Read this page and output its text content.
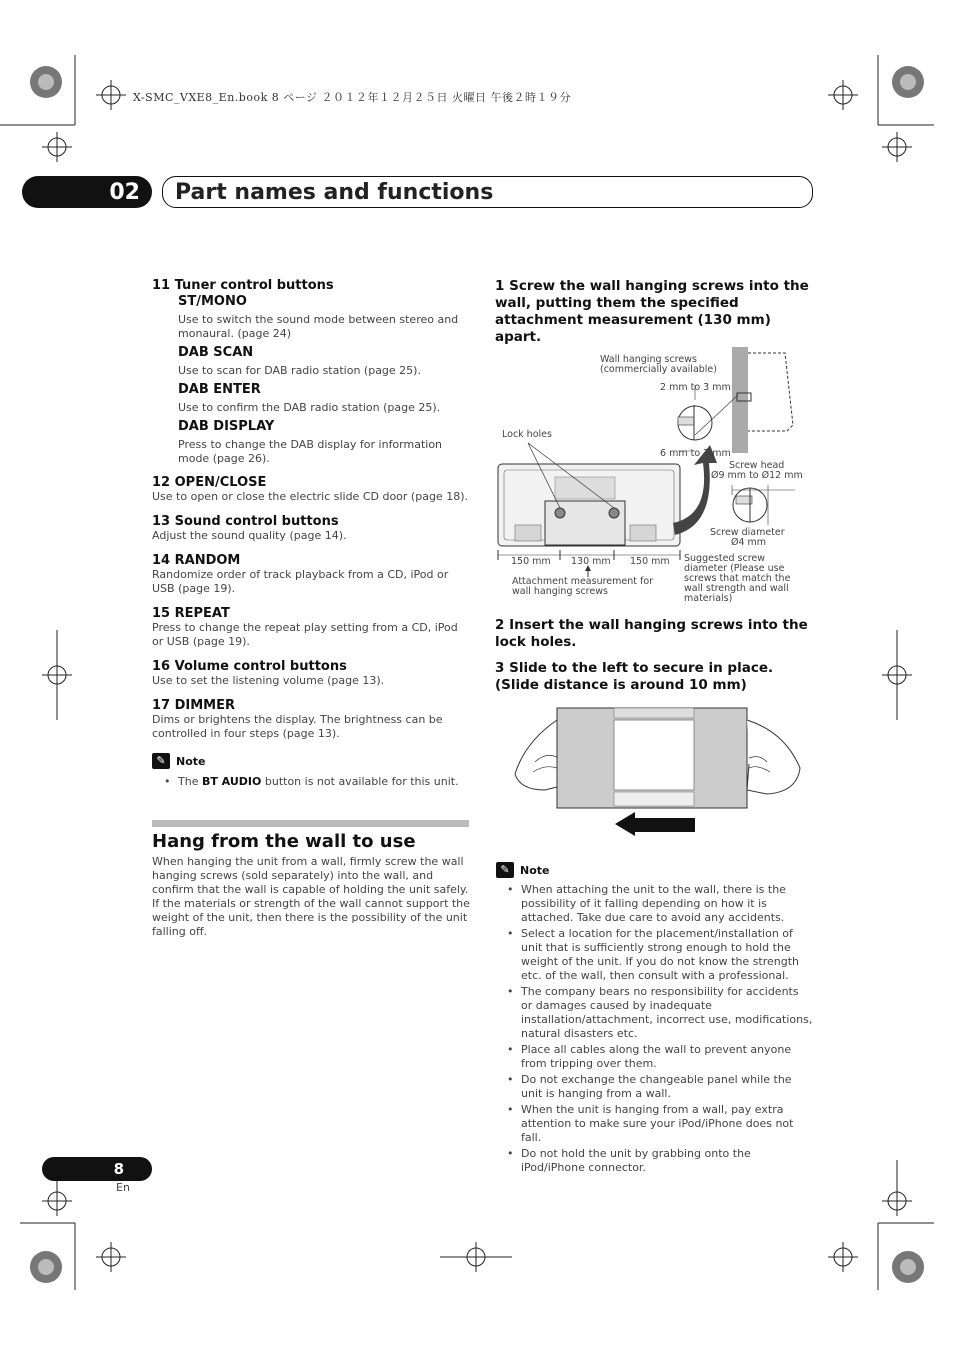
X-SMC_VXE8_En.book 8 ページ ２０１２年１２月２５日 火曜日 午後２時１９分
02	Part names and functions
11 Tuner control buttons
ST/MONO
Use to switch the sound mode between stereo and monaural. (page 24)
DAB SCAN
Use to scan for DAB radio station (page 25).
DAB ENTER
Use to confirm the DAB radio station (page 25).
DAB DISPLAY
Press to change the DAB display for information mode (page 26).
12 OPEN/CLOSE
Use to open or close the electric slide CD door (page 18).
13 Sound control buttons
Adjust the sound quality (page 14).
14 RANDOM
Randomize order of track playback from a CD, iPod or USB (page 19).
15 REPEAT
Press to change the repeat play setting from a CD, iPod or USB (page 19).
16 Volume control buttons
Use to set the listening volume (page 13).
17 DIMMER
Dims or brightens the display. The brightness can be controlled in four steps (page 13).
✎ Note
• The BT AUDIO button is not available for this unit.
Hang from the wall to use
When hanging the unit from a wall, firmly screw the wall hanging screws (sold separately) into the wall, and confirm that the wall is capable of holding the unit safely. If the materials or strength of the wall cannot support the weight of the unit, then there is the possibility of the unit falling off.
1 Screw the wall hanging screws into the wall, putting them the specified attachment measurement (130 mm) apart.
Wall hanging screws (commercially available)
2 mm to 3 mm
Lock holes
6 mm to 7 mm
Screw head
Ø9 mm to Ø12 mm
Screw diameter
Ø4 mm
150 mm 130 mm 150 mm
Attachment measurement for wall hanging screws
Suggested screw diameter (Please use screws that match the wall strength and wall materials)
2 Insert the wall hanging screws into the lock holes.
3 Slide to the left to secure in place. (Slide distance is around 10 mm)
✎ Note
• When attaching the unit to the wall, there is the possibility of it falling depending on how it is attached. Take due care to avoid any accidents.
• Select a location for the placement/installation of unit that is sufficiently strong enough to hold the weight of the unit. If you do not know the strength etc. of the wall, then consult with a professional.
• The company bears no responsibility for accidents or damages caused by inadequate installation/attachment, incorrect use, modifications, natural disasters etc.
• Place all cables along the wall to prevent anyone from tripping over them.
• Do not exchange the changeable panel while the unit is hanging from a wall.
• When the unit is hanging from a wall, pay extra attention to make sure your iPod/iPhone does not fall.
• Do not hold the unit by grabbing onto the iPod/iPhone connector.
8
En
